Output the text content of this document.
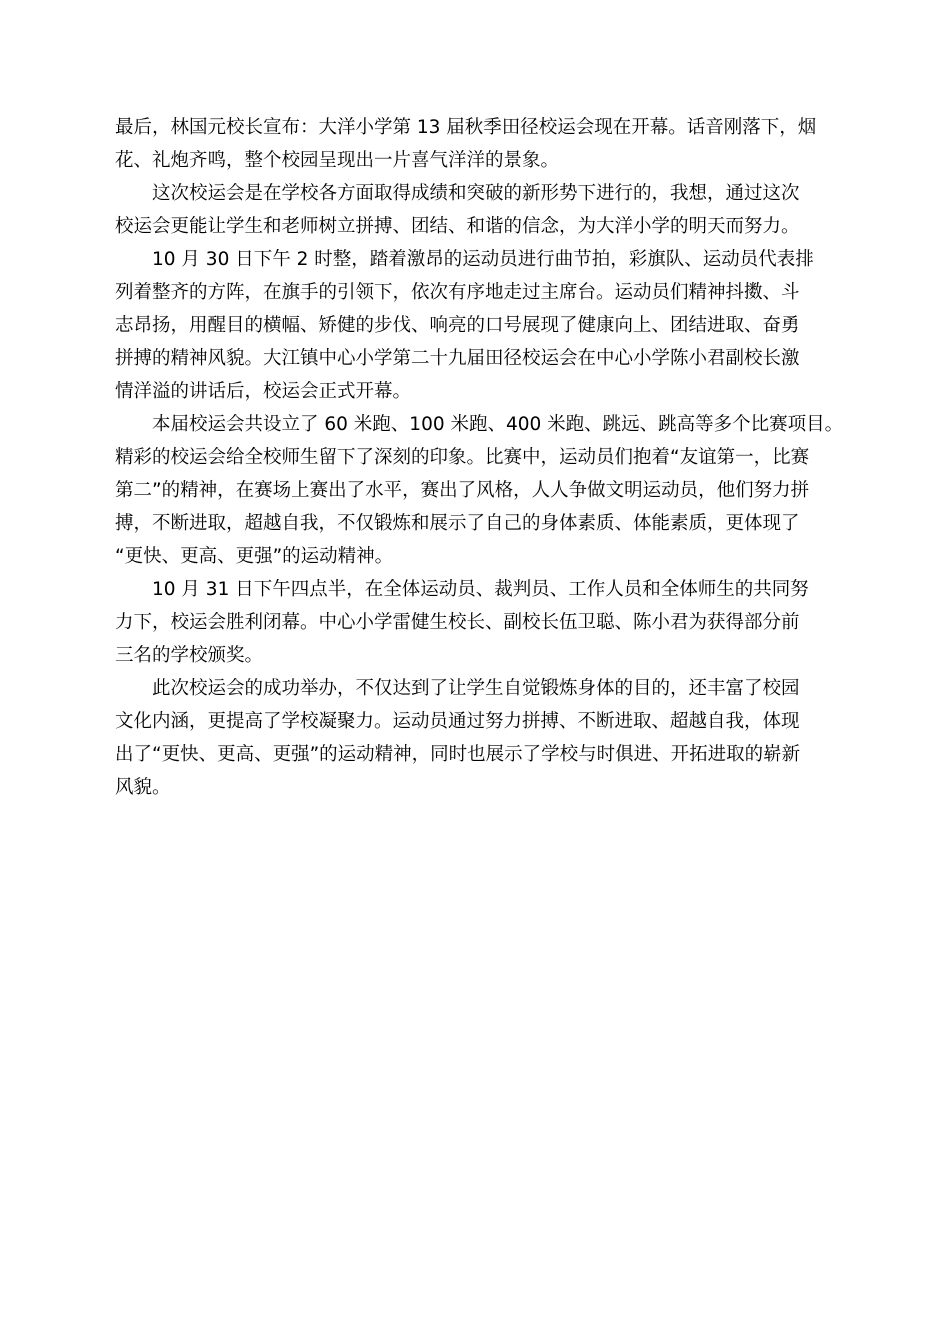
最后，林国元校长宣布：大洋小学第 13 届秋季田径校运会现在开幕。话音刚落下，烟
花、礼炮齐鸣，整个校园呈现出一片喜气洋洋的景象。
这次校运会是在学校各方面取得成绩和突破的新形势下进行的，我想，通过这次
校运会更能让学生和老师树立拼搏、团结、和谐的信念，为大洋小学的明天而努力。
10 月 30 日下午 2 时整，踏着激昂的运动员进行曲节拍，彩旗队、运动员代表排
列着整齐的方阵，在旗手的引领下，依次有序地走过主席台。运动员们精神抖擞、斗
志昂扬，用醒目的横幅、矫健的步伐、响亮的口号展现了健康向上、团结进取、奋勇
拼搏的精神风貌。大江镇中心小学第二十九届田径校运会在中心小学陈小君副校长激
情洋溢的讲话后，校运会正式开幕。
本届校运会共设立了 60 米跑、100 米跑、400 米跑、跳远、跳高等多个比赛项目。
精彩的校运会给全校师生留下了深刻的印象。比赛中，运动员们抱着“友谊第一，比赛
第二”的精神，在赛场上赛出了水平，赛出了风格，人人争做文明运动员，他们努力拼
搏，不断进取，超越自我，不仅锻炼和展示了自己的身体素质、体能素质，更体现了
“更快、更高、更强”的运动精神。
10 月 31 日下午四点半，在全体运动员、裁判员、工作人员和全体师生的共同努
力下，校运会胜利闭幕。中心小学雷健生校长、副校长伍卫聪、陈小君为获得部分前
三名的学校颁奖。
此次校运会的成功举办，不仅达到了让学生自觉锻炼身体的目的，还丰富了校园
文化内涵，更提高了学校凝聚力。运动员通过努力拼搏、不断进取、超越自我，体现
出了“更快、更高、更强”的运动精神，同时也展示了学校与时俱进、开拓进取的崭新
风貌。
